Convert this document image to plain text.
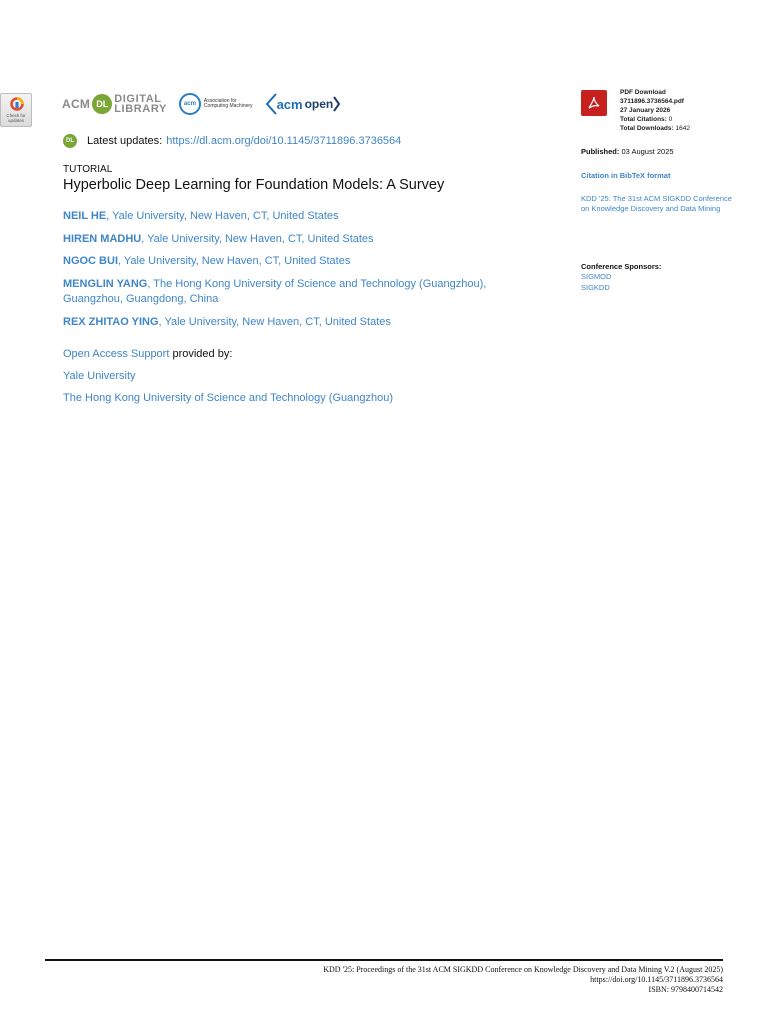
Check for updates
ACM DL DIGITAL
LIBRARY	acm
Association for
Computing Machinery acm open
DL Latest updates: https://dl.acm.org/doi/10.1145/3711896.3736564
TUTORIAL
Hyperbolic Deep Learning for Foundation Models: A Survey
NEIL HE, Yale University, New Haven, CT, United States
HIREN MADHU, Yale University, New Haven, CT, United States
NGOC BUI, Yale University, New Haven, CT, United States
MENGLIN YANG, The Hong Kong University of Science and Technology (Guangzhou), Guangzhou, Guangdong, China
REX ZHITAO YING, Yale University, New Haven, CT, United States
Open Access Support provided by:
Yale University
The Hong Kong University of Science and Technology (Guangzhou)
PDF Download
3711896.3736564.pdf
27 January 2026
Total Citations: 0
Total Downloads: 1642
Published: 03 August 2025
Citation in BibTeX format
KDD '25: The 31st ACM SIGKDD Conference on Knowledge Discovery and Data Mining
Conference Sponsors:
SIGMOD
SIGKDD
KDD '25: Proceedings of the 31st ACM SIGKDD Conference on Knowledge Discovery and Data Mining V.2 (August 2025)
https://doi.org/10.1145/3711896.3736564
ISBN: 9798400714542
